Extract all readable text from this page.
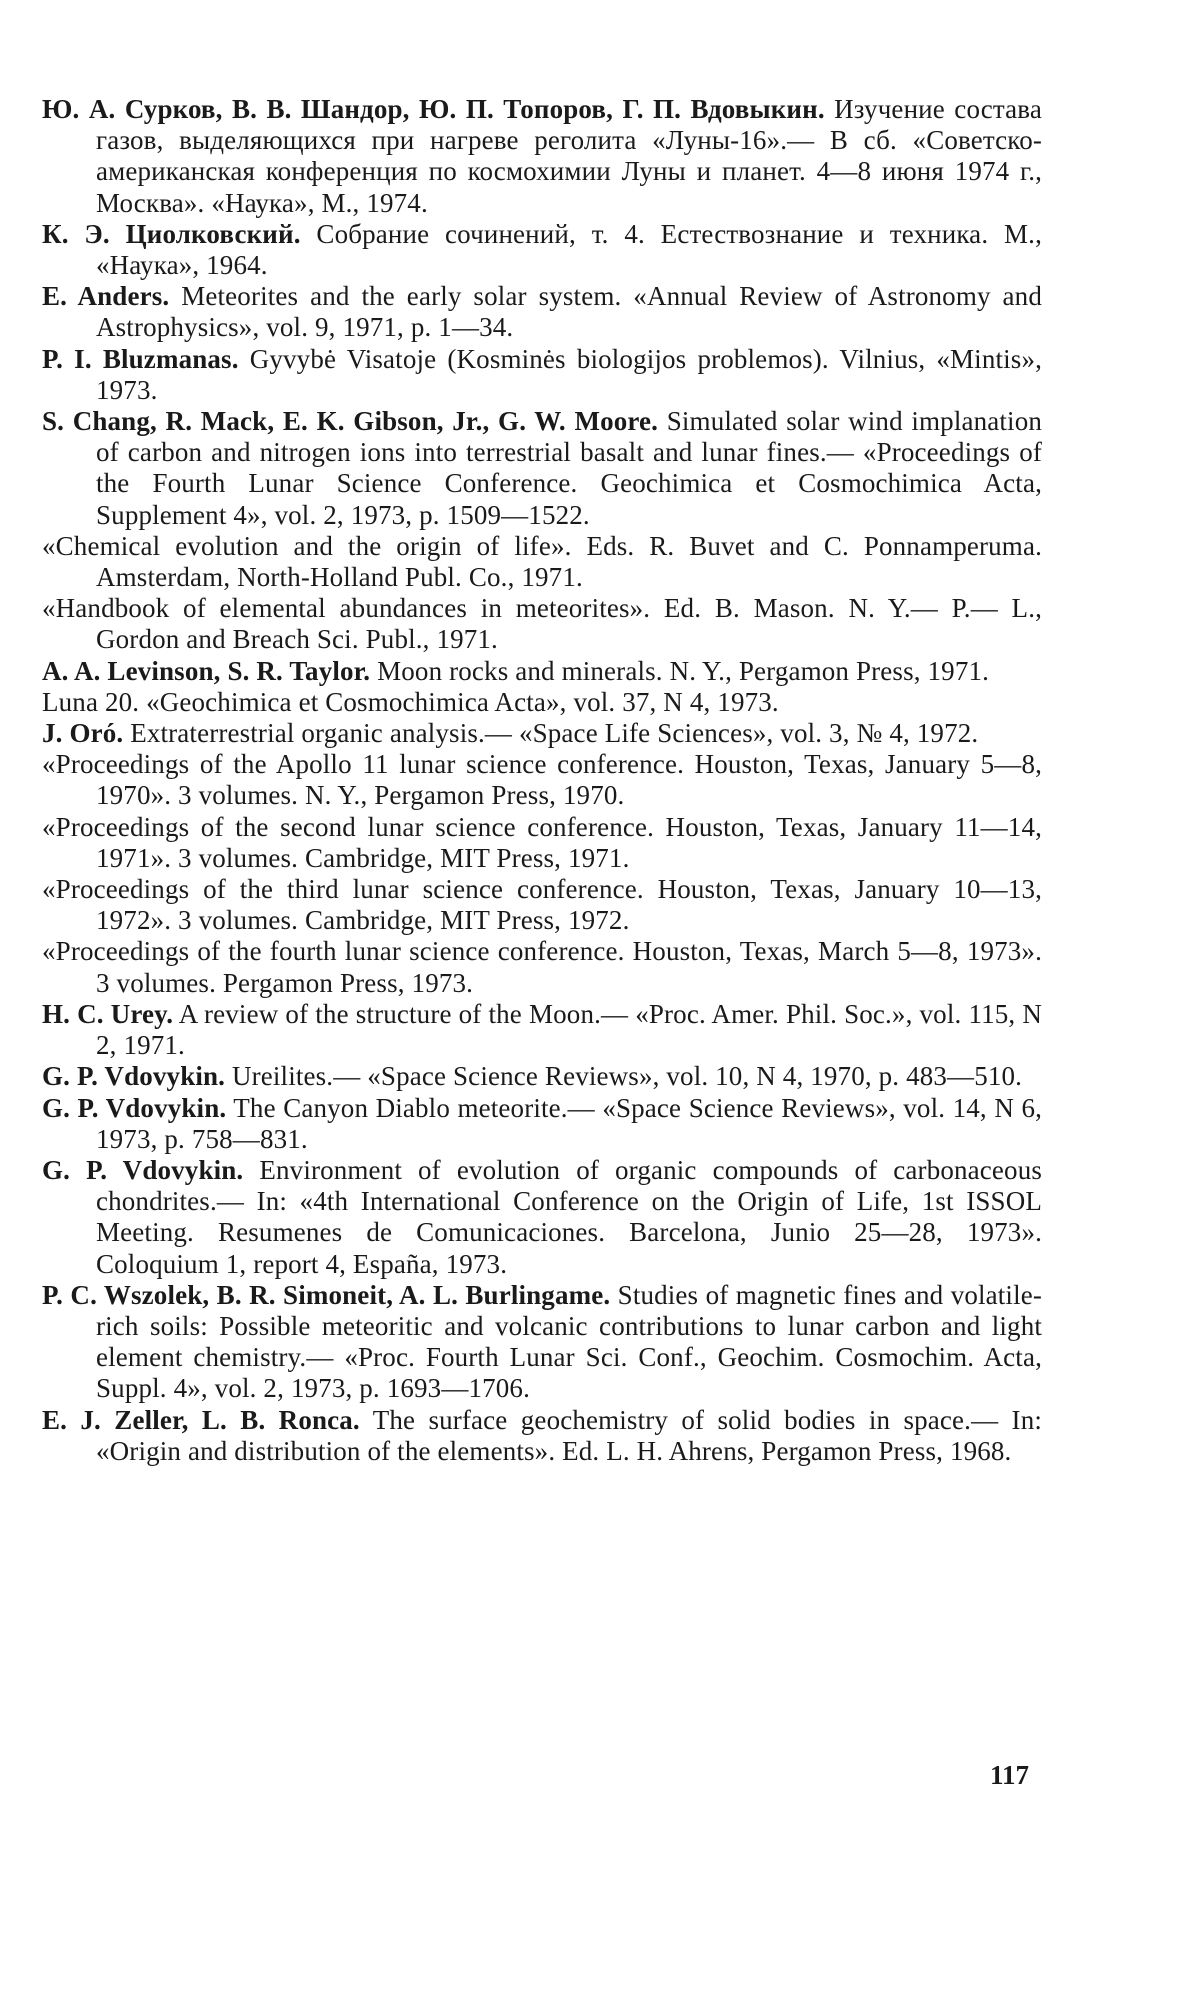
Ю. А. Сурков, В. В. Шандор, Ю. П. Топоров, Г. П. Вдовыкин. Изучение состава газов, выделяющихся при нагреве реголита «Луны-16».— В сб. «Советско-американская конференция по космохимии Луны и планет. 4—8 июня 1974 г., Москва». «Наука», М., 1974.

К. Э. Циолковский. Собрание сочинений, т. 4. Естествознание и техника. М., «Наука», 1964.

E. Anders. Meteorites and the early solar system. «Annual Review of Astronomy and Astrophysics», vol. 9, 1971, p. 1—34.

P. I. Bluzmanas. Gyvybė Visatoje (Kosminės biologijos problemos). Vilnius, «Mintis», 1973.

S. Chang, R. Mack, E. K. Gibson, Jr., G. W. Moore. Simulated solar wind implanation of carbon and nitrogen ions into terrestrial basalt and lunar fines.— «Proceedings of the Fourth Lunar Science Conference. Geochimica et Cosmochimica Acta, Supplement 4», vol. 2, 1973, p. 1509—1522.

«Chemical evolution and the origin of life». Eds. R. Buvet and C. Ponnamperuma. Amsterdam, North-Holland Publ. Co., 1971.

«Handbook of elemental abundances in meteorites». Ed. B. Mason. N. Y.— P.— L., Gordon and Breach Sci. Publ., 1971.

A. A. Levinson, S. R. Taylor. Moon rocks and minerals. N. Y., Pergamon Press, 1971.

Luna 20. «Geochimica et Cosmochimica Acta», vol. 37, N 4, 1973.

J. Oró. Extraterrestrial organic analysis.— «Space Life Sciences», vol. 3, № 4, 1972.

«Proceedings of the Apollo 11 lunar science conference. Houston, Texas, January 5—8, 1970». 3 volumes. N. Y., Pergamon Press, 1970.

«Proceedings of the second lunar science conference. Houston, Texas, January 11—14, 1971». 3 volumes. Cambridge, MIT Press, 1971.

«Proceedings of the third lunar science conference. Houston, Texas, January 10—13, 1972». 3 volumes. Cambridge, MIT Press, 1972.

«Proceedings of the fourth lunar science conference. Houston, Texas, March 5—8, 1973». 3 volumes. Pergamon Press, 1973.

H. C. Urey. A review of the structure of the Moon.— «Proc. Amer. Phil. Soc.», vol. 115, N 2, 1971.

G. P. Vdovykin. Ureilites.— «Space Science Reviews», vol. 10, N 4, 1970, p. 483—510.

G. P. Vdovykin. The Canyon Diablo meteorite.— «Space Science Reviews», vol. 14, N 6, 1973, p. 758—831.

G. P. Vdovykin. Environment of evolution of organic compounds of carbonaceous chondrites.— In: «4th International Conference on the Origin of Life, 1st ISSOL Meeting. Resumenes de Comunicaciones. Barcelona, Junio 25—28, 1973». Coloquium 1, report 4, España, 1973.

P. C. Wszolek, B. R. Simoneit, A. L. Burlingame. Studies of magnetic fines and volatile-rich soils: Possible meteoritic and volcanic contributions to lunar carbon and light element chemistry.— «Proc. Fourth Lunar Sci. Conf., Geochim. Cosmochim. Acta, Suppl. 4», vol. 2, 1973, p. 1693—1706.

E. J. Zeller, L. B. Ronca. The surface geochemistry of solid bodies in space.— In: «Origin and distribution of the elements». Ed. L. H. Ahrens, Pergamon Press, 1968.

117
